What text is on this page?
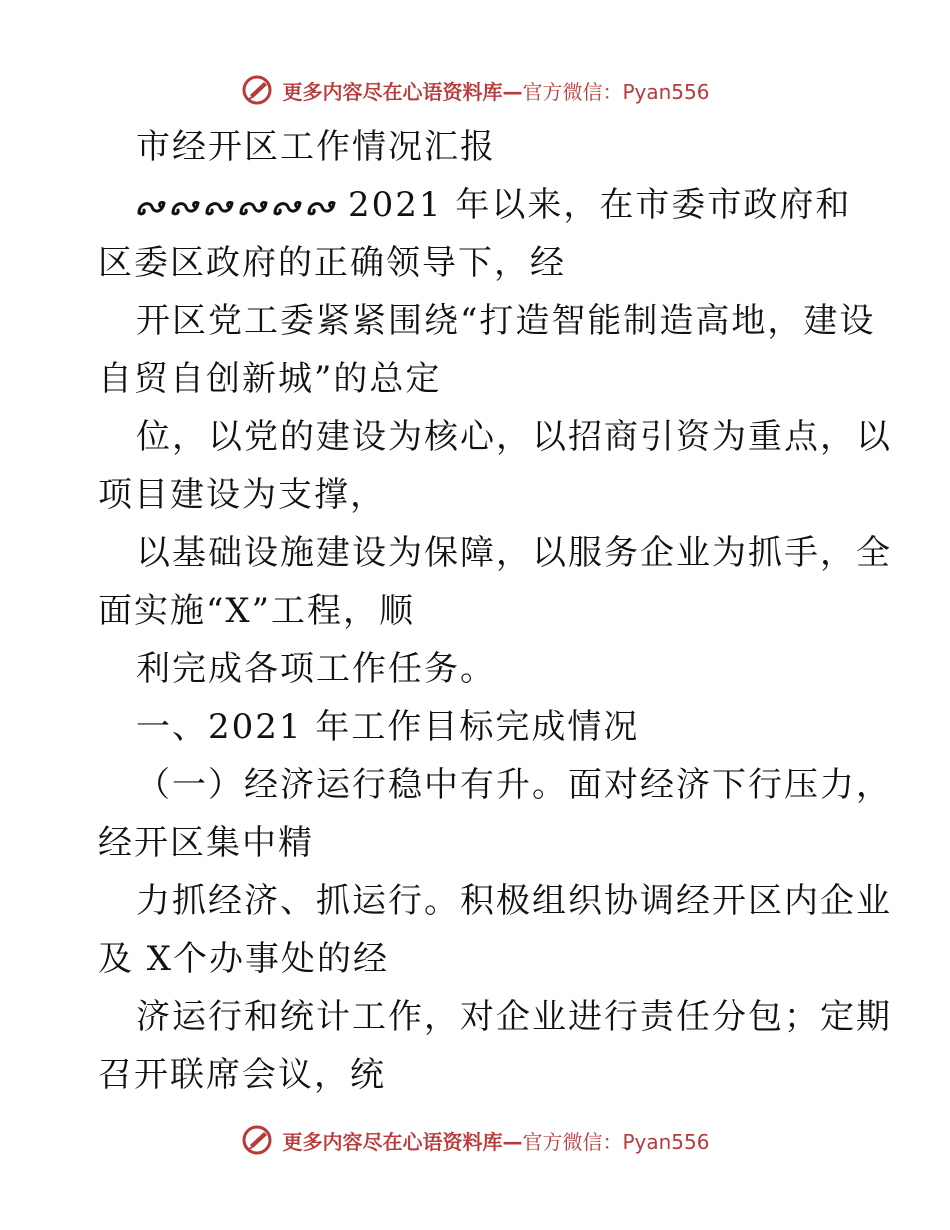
更多内容尽在心语资料库—官方微信：Pyan556
市经开区工作情况汇报
2021 年以来，在市委市政府和
区委区政府的正确领导下，经
开区党工委紧紧围绕“打造智能制造高地，建设
自贸自创新城”的总定
位，以党的建设为核心，以招商引资为重点，以
项目建设为支撑，
以基础设施建设为保障，以服务企业为抓手，全
面实施“X”工程，顺
利完成各项工作任务。
一、2021 年工作目标完成情况
（一）经济运行稳中有升。面对经济下行压力，
经开区集中精
力抓经济、抓运行。积极组织协调经开区内企业
及 X个办事处的经
济运行和统计工作，对企业进行责任分包；定期
召开联席会议，统
更多内容尽在心语资料库—官方微信：Pyan556
